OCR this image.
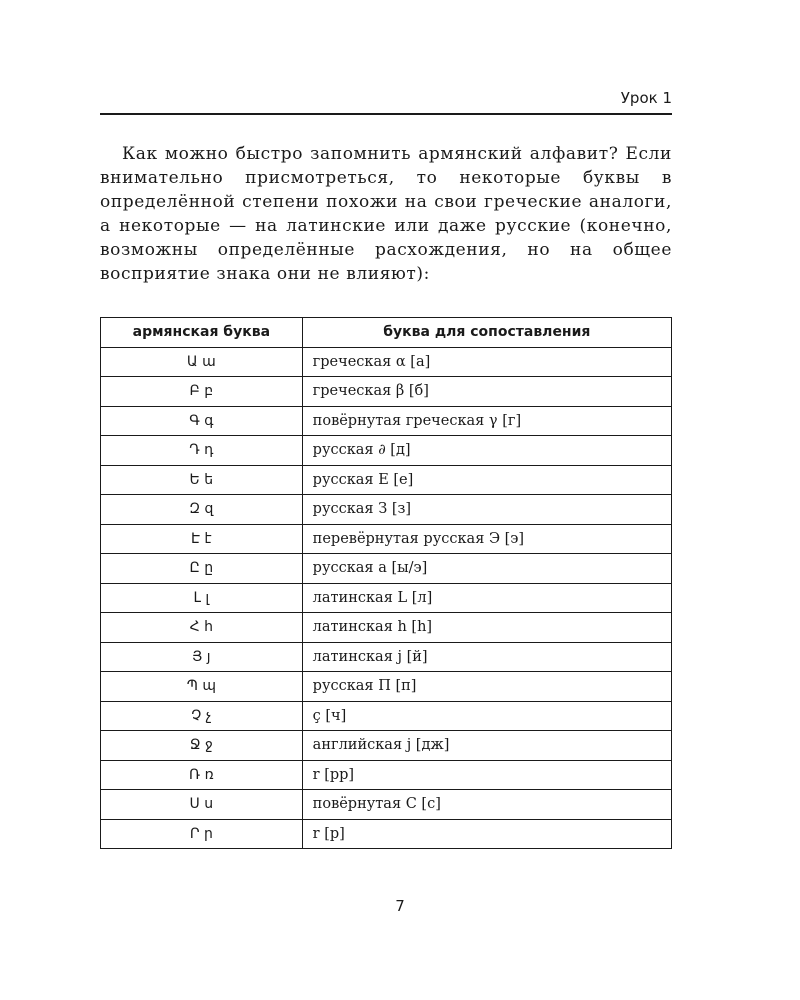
Урок 1

Как можно быстро запомнить армянский алфавит? Если внимательно присмотреться, то некоторые буквы в определённой степени похожи на свои греческие аналоги, а некоторые — на латинские или даже русские (конечно, возможны определённые расхождения, но на общее восприятие знака они не влияют):

армянская буква	буква для сопоставления
Ա ա	греческая α [а]
Բ բ	греческая β [б]
Գ գ	повёрнутая греческая γ [г]
Դ դ	русская ∂ [д]
Ե ե	русская Е [е]
Զ զ	русская З [з]
Է է	перевёрнутая русская Э [э]
Ը ը	русская а [ы/э]
Լ լ	латинская L [л]
Հ h	латинская h [h]
Յ յ	латинская j [й]
Պ պ	русская П [п]
Չ չ	ç [ч]
Ջ ջ	английская j [дж]
Ռ ռ	r [рр]
Ս ս	повёрнутая С [с]
Ր ր	r [р]
7
